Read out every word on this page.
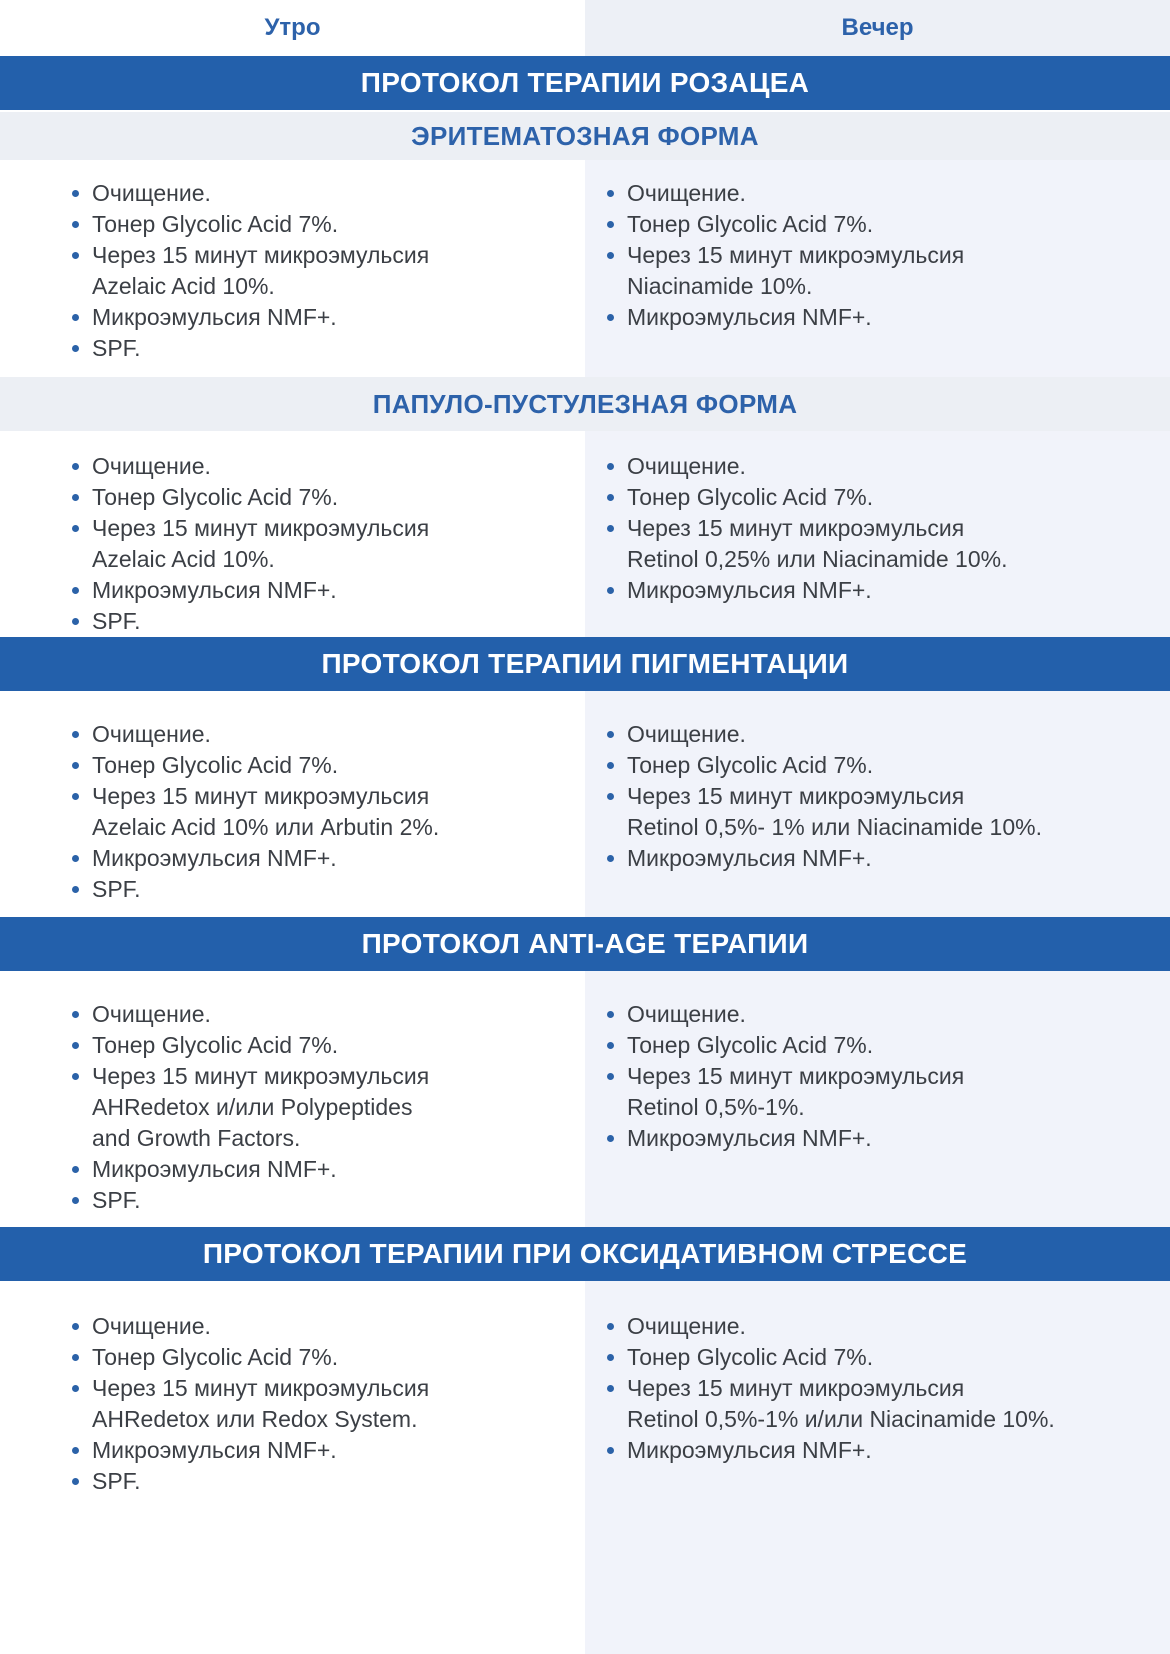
Утро	Вечер
ПРОТОКОЛ ТЕРАПИИ РОЗАЦЕА
ЭРИТЕМАТОЗНАЯ ФОРМА
Очищение.
Тонер Glycolic Acid 7%.
Через 15 минут микроэмульсия
Azelaic Acid 10%.
Микроэмульсия NMF+.
SPF.
Очищение.
Тонер Glycolic Acid 7%.
Через 15 минут микроэмульсия
Niacinamide 10%.
Микроэмульсия NMF+.
ПАПУЛО-ПУСТУЛЕЗНАЯ ФОРМА
Очищение.
Тонер Glycolic Acid 7%.
Через 15 минут микроэмульсия
Azelaic Acid 10%.
Микроэмульсия NMF+.
SPF.
Очищение.
Тонер Glycolic Acid 7%.
Через 15 минут микроэмульсия
Retinol 0,25% или Niacinamide 10%.
Микроэмульсия NMF+.
ПРОТОКОЛ ТЕРАПИИ ПИГМЕНТАЦИИ
Очищение.
Тонер Glycolic Acid 7%.
Через 15 минут микроэмульсия
Azelaic Acid 10% или Arbutin 2%.
Микроэмульсия NMF+.
SPF.
Очищение.
Тонер Glycolic Acid 7%.
Через 15 минут микроэмульсия
Retinol 0,5%- 1% или Niacinamide 10%.
Микроэмульсия NMF+.
ПРОТОКОЛ ANTI-AGE ТЕРАПИИ
Очищение.
Тонер Glycolic Acid 7%.
Через 15 минут микроэмульсия
AHRedetox и/или Polypeptides
and Growth Factors.
Микроэмульсия NMF+.
SPF.
Очищение.
Тонер Glycolic Acid 7%.
Через 15 минут микроэмульсия
Retinol 0,5%-1%.
Микроэмульсия NMF+.
ПРОТОКОЛ ТЕРАПИИ ПРИ ОКСИДАТИВНОМ СТРЕССЕ
Очищение.
Тонер Glycolic Acid 7%.
Через 15 минут микроэмульсия
AHRedetox или Redox System.
Микроэмульсия NMF+.
SPF.
Очищение.
Тонер Glycolic Acid 7%.
Через 15 минут микроэмульсия
Retinol 0,5%-1% и/или Niacinamide 10%.
Микроэмульсия NMF+.
